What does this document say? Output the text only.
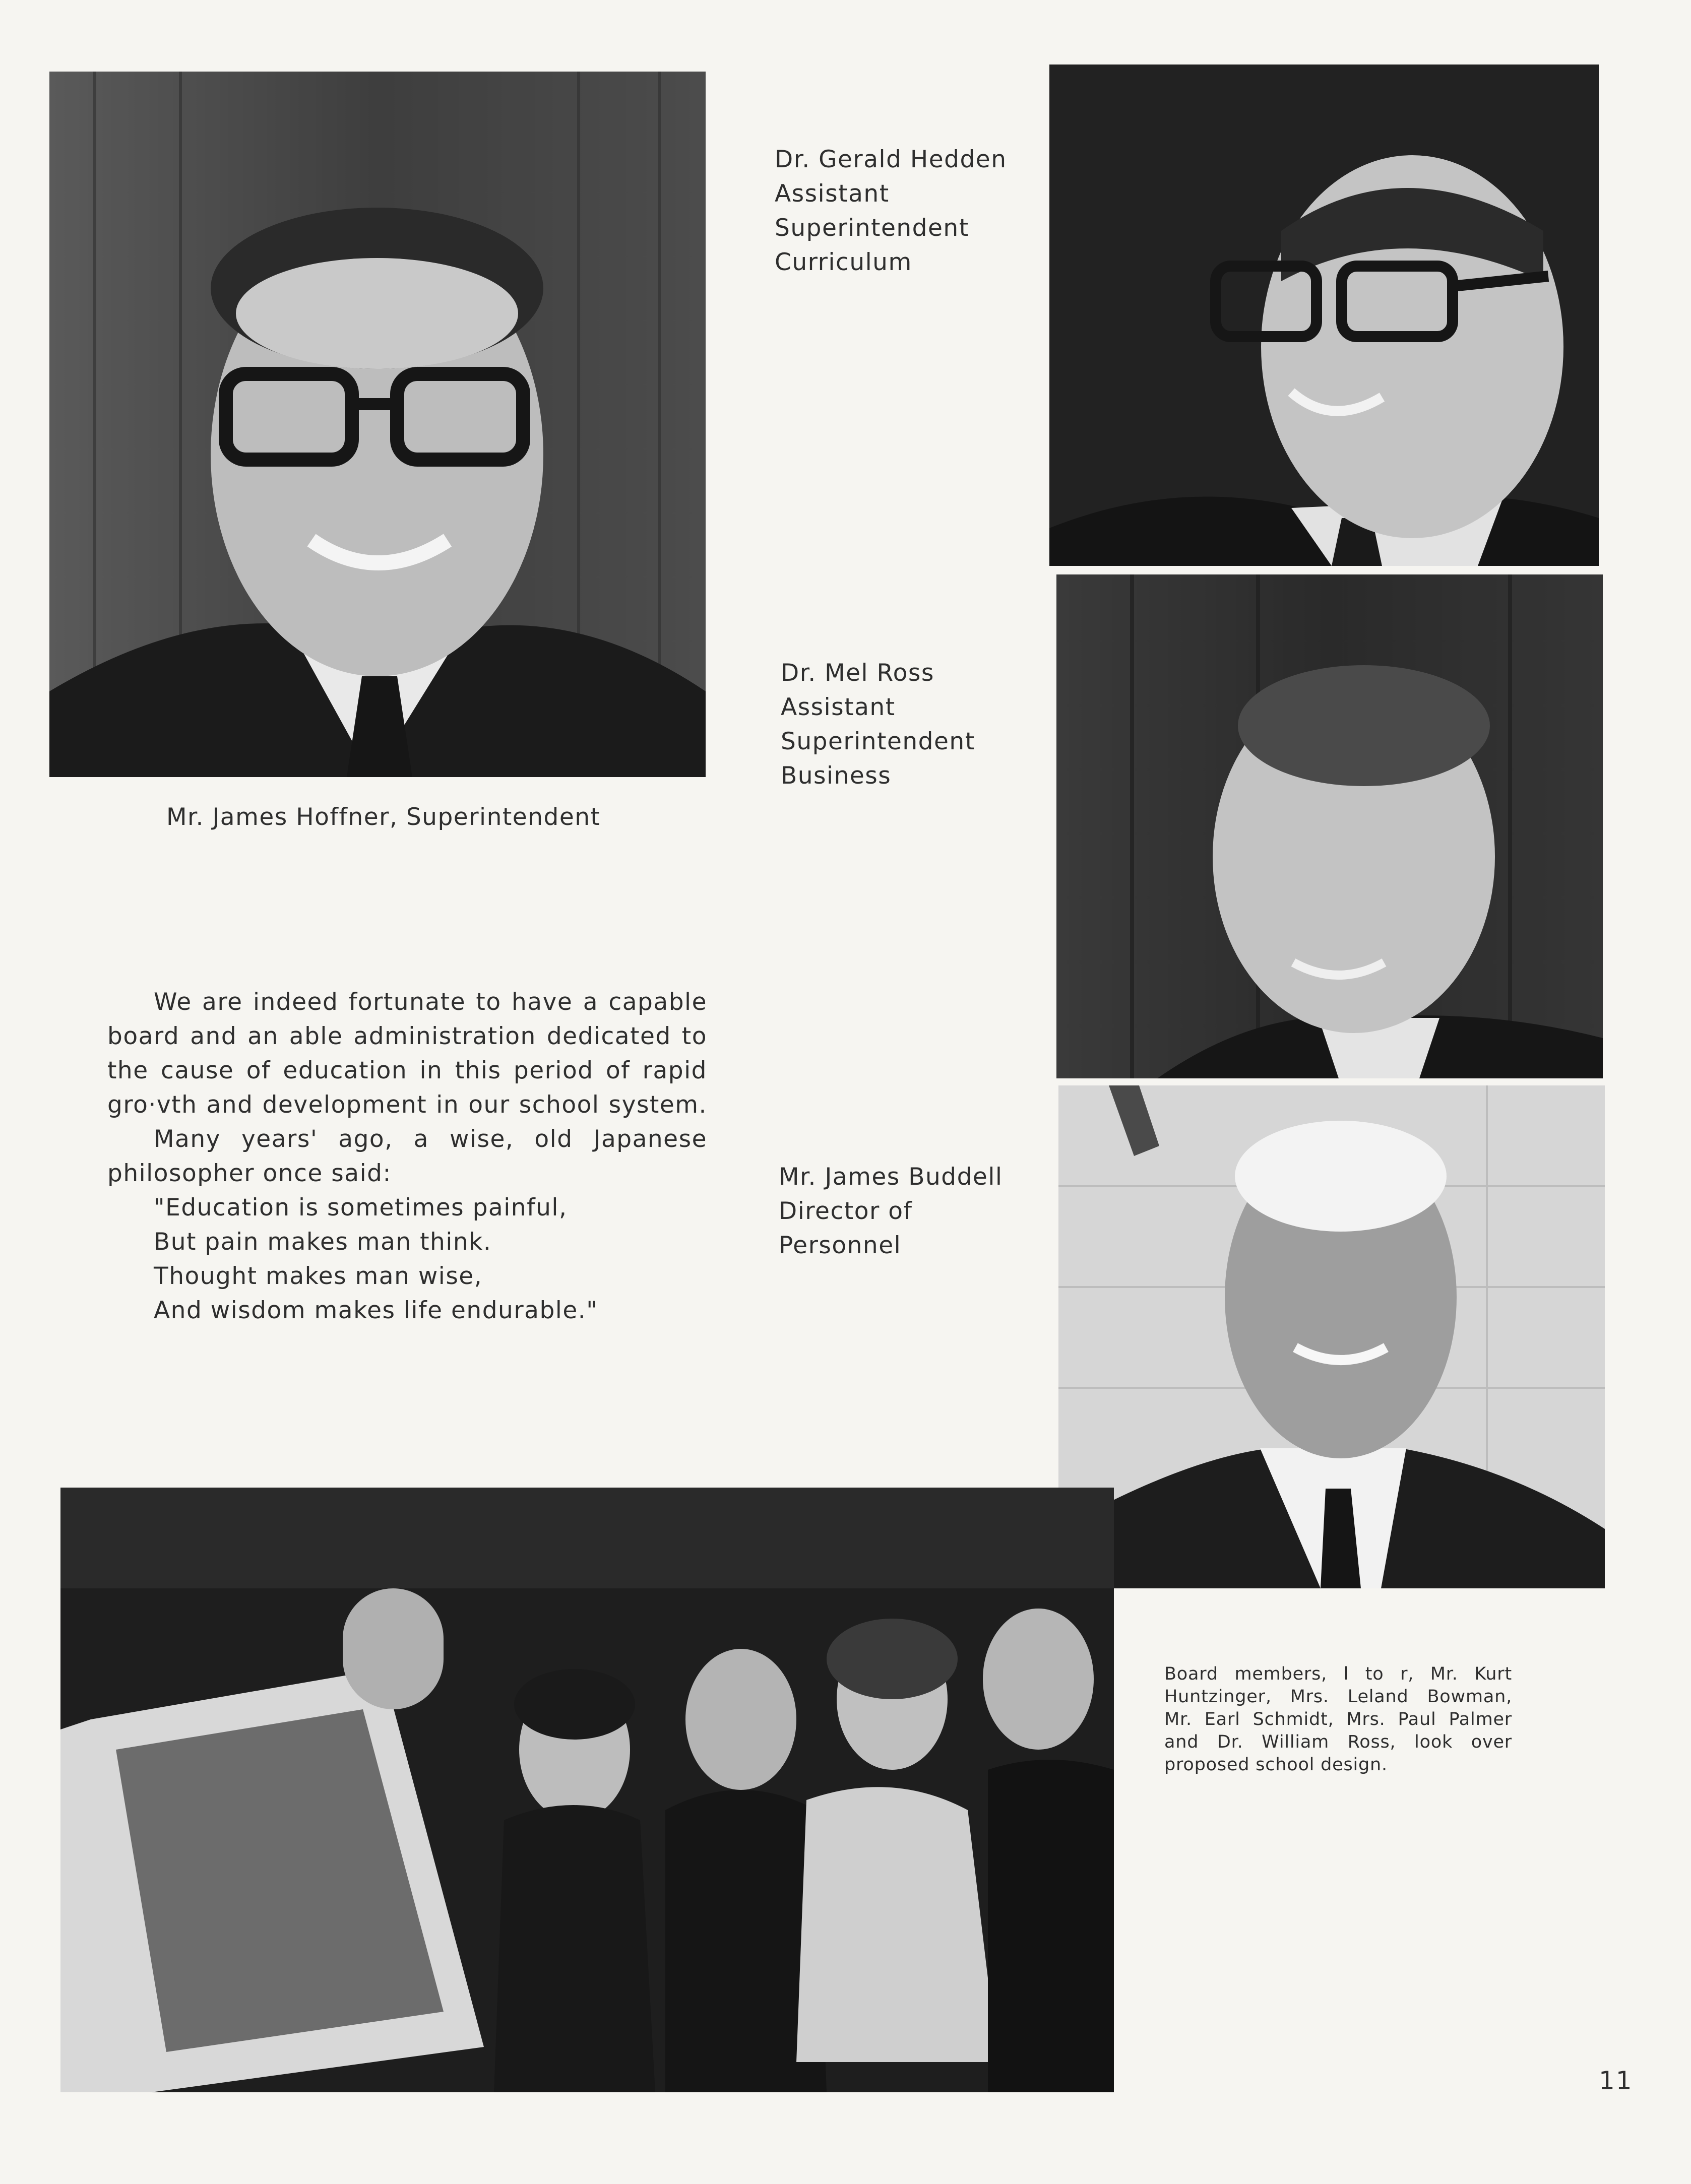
Mr. James Hoffner, Superintendent
Dr. Gerald Hedden
Assistant
Superintendent
Curriculum
Dr. Mel Ross
Assistant
Superintendent
Business
Mr. James Buddell
Director of
Personnel
We are indeed fortunate to have a capable
board and an able administration dedicated to
the cause of education in this period of rapid
gro·vth and development in our school system.
Many years' ago, a wise, old Japanese
philosopher once said:
"Education is sometimes painful,
But pain makes man think.
Thought makes man wise,
And wisdom makes life endurable."
Board members, l to r, Mr. Kurt
Huntzinger, Mrs. Leland Bowman,
Mr. Earl Schmidt, Mrs. Paul Palmer
and Dr. William Ross, look over
proposed school design.
11
